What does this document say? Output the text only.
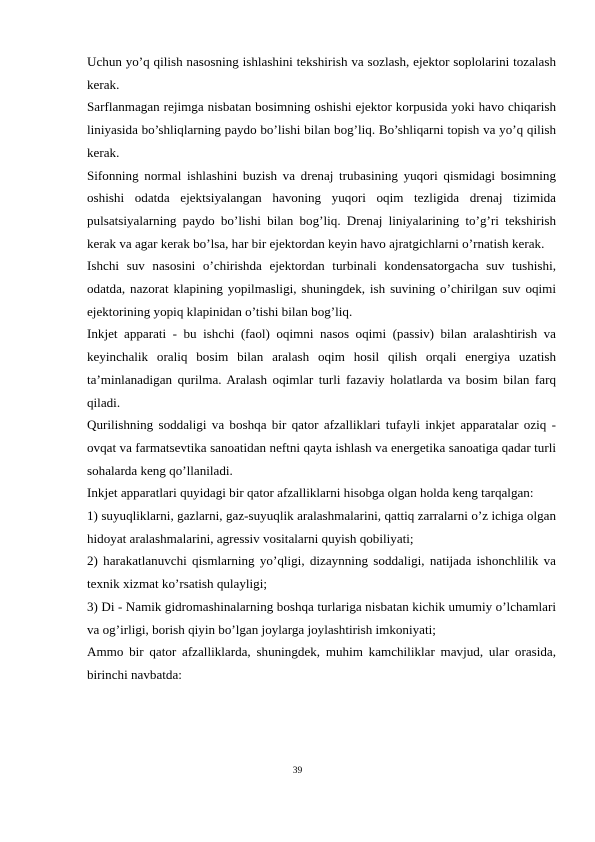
Uchun yo’q qilish nasosning ishlashini tekshirish va sozlash, ejektor soplolarini tozalash kerak.

Sarflanmagan rejimga nisbatan bosimning oshishi ejektor korpusida yoki havo chiqarish liniyasida bo’shliqlarning paydo bo’lishi bilan bog’liq. Bo’shliqarni topish va yo’q qilish kerak.

Sifonning normal ishlashini buzish va drenaj trubasining yuqori qismidagi bosimning oshishi odatda ejektsiyalangan havoning yuqori oqim tezligida drenaj tizimida pulsatsiyalarning paydo bo’lishi bilan bog’liq. Drenaj liniyalarining to’g’ri tekshirish kerak va agar kerak bo’lsa, har bir ejektordan keyin havo ajratgichlarni o’rnatish kerak.

Ishchi suv nasosini o’chirishda ejektordan turbinali kondensatorgacha suv tushishi, odatda, nazorat klapining yopilmasligi, shuningdek, ish suvining o’chirilgan suv oqimi ejektorining yopiq klapinidan o’tishi bilan bog’liq.

Inkjet apparati - bu ishchi (faol) oqimni nasos oqimi (passiv) bilan aralashtirish va keyinchalik oraliq bosim bilan aralash oqim hosil qilish orqali energiya uzatish ta’minlanadigan qurilma. Aralash oqimlar turli fazaviy holatlarda va bosim bilan farq qiladi.

Qurilishning soddaligi va boshqa bir qator afzalliklari tufayli inkjet apparatalar oziq - ovqat va farmatsevtika sanoatidan neftni qayta ishlash va energetika sanoatiga qadar turli sohalarda keng qo’llaniladi.

Inkjet apparatlari quyidagi bir qator afzalliklarni hisobga olgan holda keng tarqalgan:

1) suyuqliklarni, gazlarni, gaz-suyuqlik aralashmalarini, qattiq zarralarni o’z ichiga olgan hidoyat aralashmalarini, agressiv vositalarni quyish qobiliyati;

2) harakatlanuvchi qismlarning yo’qligi, dizaynning soddaligi, natijada ishonchlilik va texnik xizmat ko’rsatish qulayligi;

3) Di - Namik gidromashinalarning boshqa turlariga nisbatan kichik umumiy o’lchamlari va og’irligi, borish qiyin bo’lgan joylarga joylashtirish imkoniyati;

Ammo bir qator afzalliklarda, shuningdek, muhim kamchiliklar mavjud, ular orasida, birinchi navbatda:

39
